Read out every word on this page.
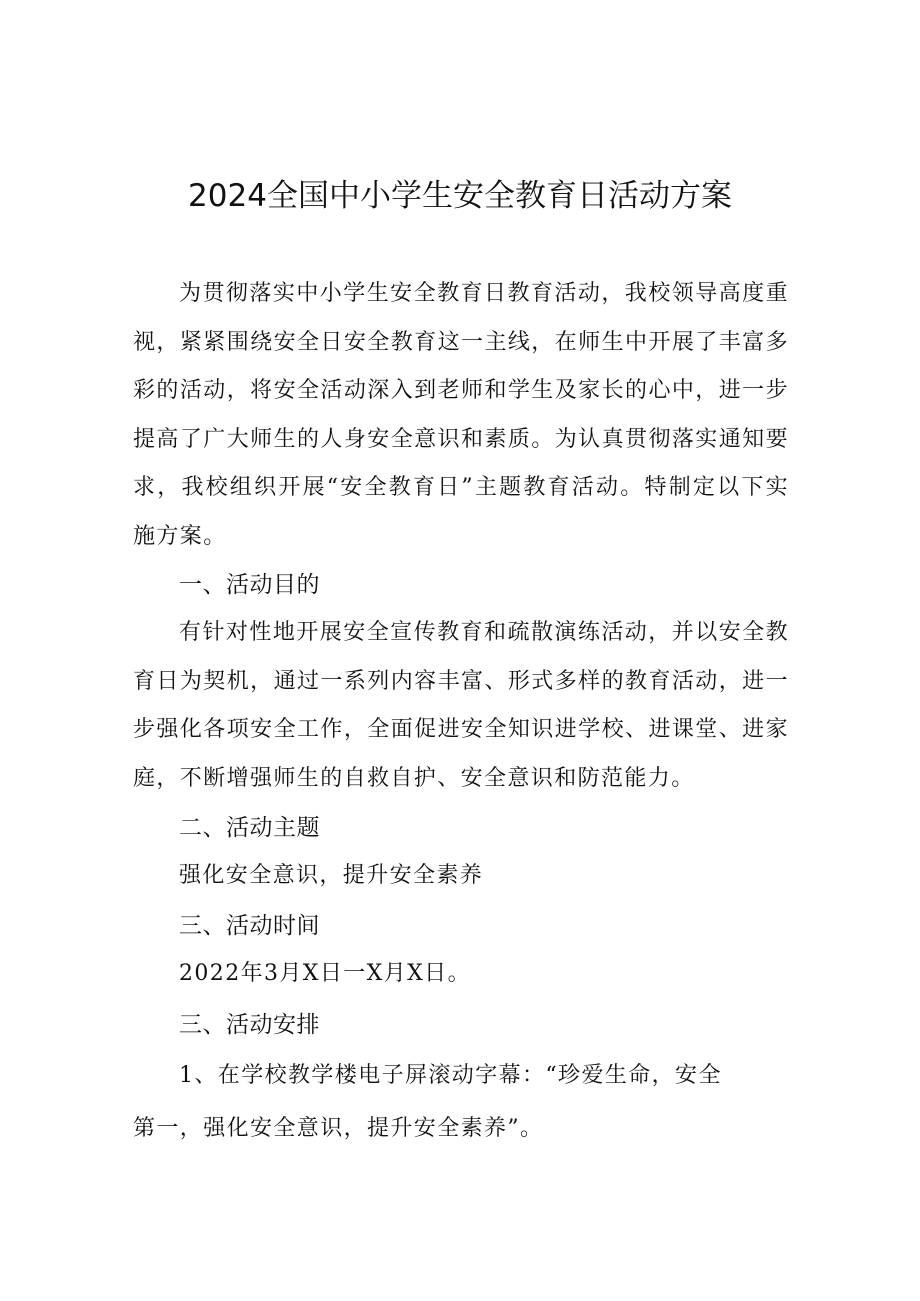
2024全国中小学生安全教育日活动方案

为贯彻落实中小学生安全教育日教育活动，我校领导高度重视，紧紧围绕安全日安全教育这一主线，在师生中开展了丰富多彩的活动，将安全活动深入到老师和学生及家长的心中，进一步提高了广大师生的人身安全意识和素质。为认真贯彻落实通知要求，我校组织开展“安全教育日”主题教育活动。特制定以下实施方案。

一、活动目的

有针对性地开展安全宣传教育和疏散演练活动，并以安全教育日为契机，通过一系列内容丰富、形式多样的教育活动，进一步强化各项安全工作，全面促进安全知识进学校、进课堂、进家庭，不断增强师生的自救自护、安全意识和防范能力。

二、活动主题

强化安全意识，提升安全素养

三、活动时间

2022年3月X日一X月X日。

三、活动安排

1、在学校教学楼电子屏滚动字幕：“珍爱生命，安全

第一，强化安全意识，提升安全素养”。
